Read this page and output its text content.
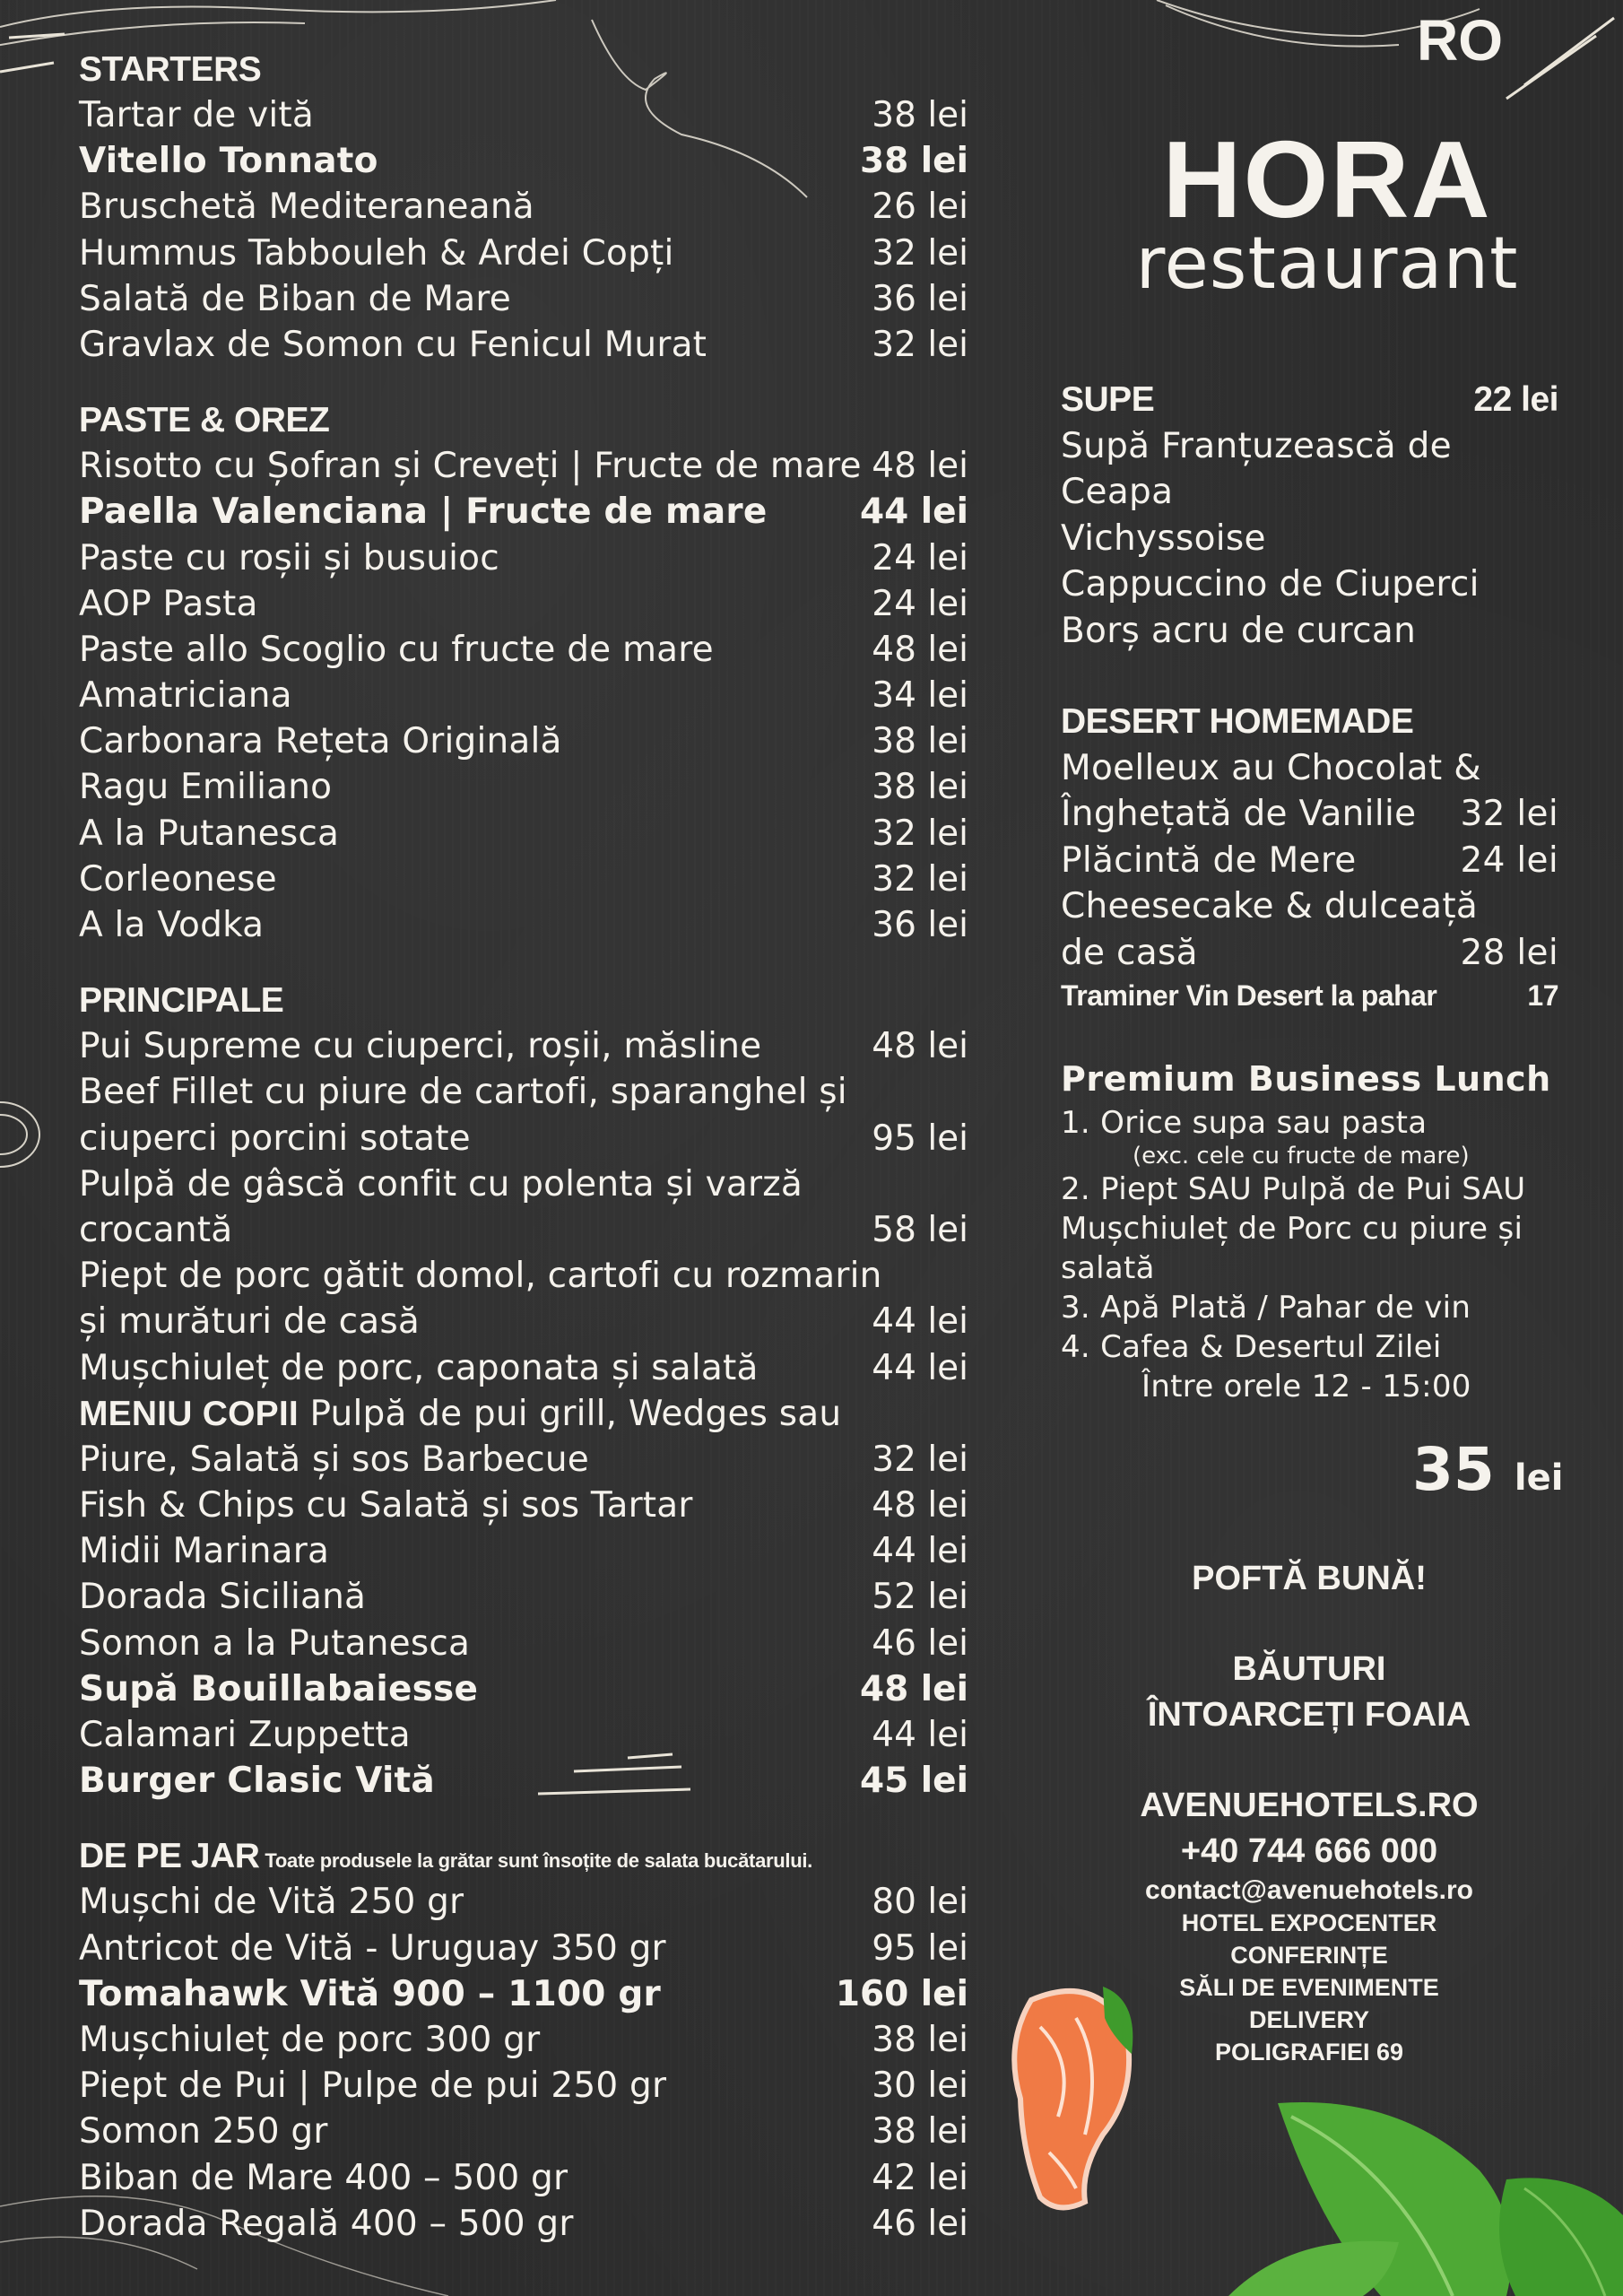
RO
HORA
restaurant
STARTERS
Tartar de vită	38 lei
Vitello Tonnato	38 lei
Bruschetă Mediteraneană	26 lei
Hummus Tabbouleh & Ardei Copți	32 lei
Salată de Biban de Mare	36 lei
Gravlax de Somon cu Fenicul Murat	32 lei
PASTE & OREZ
Risotto cu Șofran și Creveți | Fructe de mare 48 lei
Paella Valenciana | Fructe de mare	44 lei
Paste cu roșii și busuioc	24 lei
AOP Pasta	24 lei
Paste allo Scoglio cu fructe de mare	48 lei
Amatriciana	34 lei
Carbonara Rețeta Originală	38 lei
Ragu Emiliano	38 lei
A la Putanesca	32 lei
Corleonese	32 lei
A la Vodka	36 lei
PRINCIPALE
Pui Supreme cu ciuperci, roșii, măsline	48 lei
Beef Fillet cu piure de cartofi, sparanghel și
ciuperci porcini sotate	95 lei
Pulpă de gâscă confit cu polenta și varză
crocantă	58 lei
Piept de porc gătit domol, cartofi cu rozmarin
și murături de casă	44 lei
Mușchiuleț de porc, caponata și salată	44 lei
MENIU COPII Pulpă de pui grill, Wedges sau
Piure, Salată și sos Barbecue	32 lei
Fish & Chips cu Salată și sos Tartar	48 lei
Midii Marinara	44 lei
Dorada Siciliană	52 lei
Somon a la Putanesca	46 lei
Supă Bouillabaiesse	48 lei
Calamari Zuppetta	44 lei
Burger Clasic Vită	45 lei
DE PE JAR Toate produsele la grătar sunt însoțite de salata bucătarului.
Mușchi de Vită 250 gr	80 lei
Antricot de Vită - Uruguay 350 gr	95 lei
Tomahawk Vită 900 – 1100 gr	160 lei
Mușchiuleț de porc 300 gr	38 lei
Piept de Pui | Pulpe de pui 250 gr	30 lei
Somon 250 gr	38 lei
Biban de Mare 400 – 500 gr	42 lei
Dorada Regală 400 – 500 gr	46 lei
SUPE	22 lei
Supă Franțuzească de
Ceapa
Vichyssoise
Cappuccino de Ciuperci
Borș acru de curcan
DESERT HOMEMADE
Moelleux au Chocolat &
Înghețată de Vanilie 32 lei
Plăcintă de Mere	24 lei
Cheesecake & dulceață
de casă	28 lei
Traminer Vin Desert la pahar	17
Premium Business Lunch
1. Orice supa sau pasta
(exc. cele cu fructe de mare)
2. Piept SAU Pulpă de Pui SAU
Mușchiuleț de Porc cu piure și
salată
3. Apă Plată / Pahar de vin
4. Cafea & Desertul Zilei
Între orele 12 - 15:00
35 lei
POFTĂ BUNĂ!
BĂUTURI
ÎNTOARCEȚI FOAIA
AVENUEHOTELS.RO
+40 744 666 000
contact@avenuehotels.ro
HOTEL EXPOCENTER
CONFERINȚE
SĂLI DE EVENIMENTE
DELIVERY
POLIGRAFIEI 69
